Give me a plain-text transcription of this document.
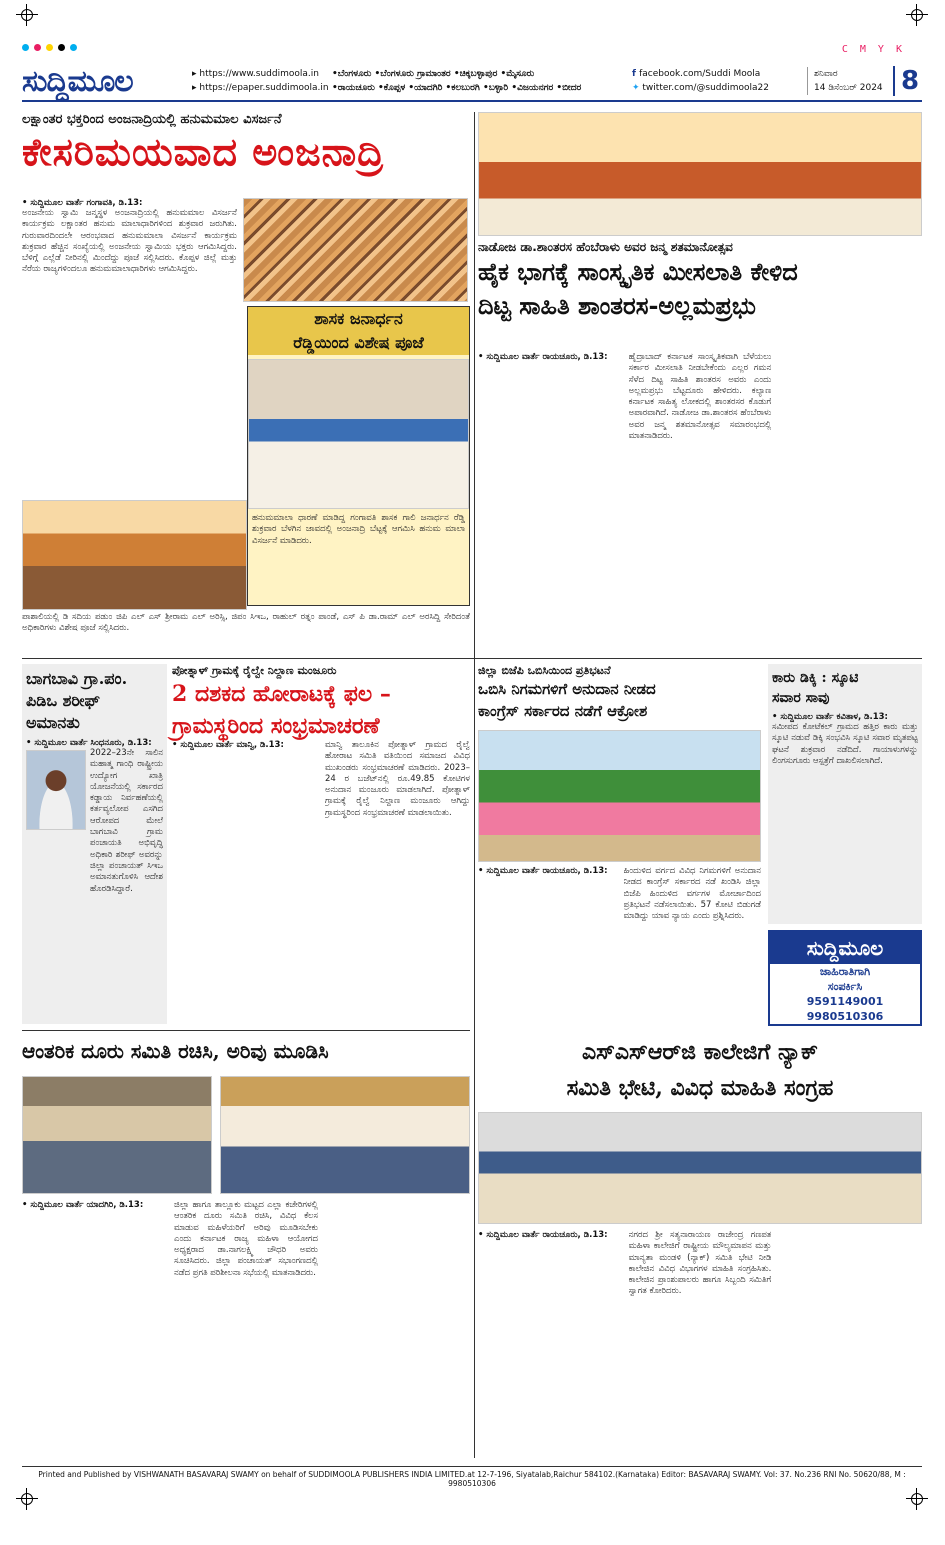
C M Y K
ಸುದ್ದಿಮೂಲ	▸ https://www.suddimoola.in
▸ https://epaper.suddimoola.in
•ಬೆಂಗಳೂರು •ಬೆಂಗಳೂರು ಗ್ರಾಮಾಂತರ •ಚಿಕ್ಕಬಳ್ಳಾಪುರ •ಮೈಸೂರು
•ರಾಯಚೂರು •ಕೊಪ್ಪಳ •ಯಾದಗಿರಿ •ಕಲಬುರಗಿ •ಬಳ್ಳಾರಿ •ವಿಜಯನಗರ •ಬೀದರ
f facebook.com/Suddi Moola
✦ twitter.com/@suddimoola22
ಶನಿವಾರ
14 ಡಿಸೆಂಬರ್ 2024 8
ಲಕ್ಷಾಂತರ ಭಕ್ತರಿಂದ ಅಂಜನಾದ್ರಿಯಲ್ಲಿ ಹನುಮಮಾಲ ವಿಸರ್ಜನೆ
ಕೇಸರಿಮಯವಾದ ಅಂಜನಾದ್ರಿ
• ಸುದ್ದಿಮೂಲ ವಾರ್ತೆ ಗಂಗಾವತಿ, ಡಿ.13:
ಅಂಜನೇಯ ಸ್ವಾಮಿ ಜನ್ಮಸ್ಥಳ ಅಂಜನಾದ್ರಿಯಲ್ಲಿ ಹನುಮಮಾಲ ವಿಸರ್ಜನೆ ಕಾರ್ಯಕ್ರಮ ಲಕ್ಷಾಂತರ ಹನುಮ ಮಾಲಾಧಾರಿಗಳಿಂದ ಶುಕ್ರವಾರ ಜರುಗಿತು. ಗುರುವಾರದಿಂದಲೇ ಆರಂಭವಾದ ಹನುಮಮಾಲಾ ವಿಸರ್ಜನೆ ಕಾರ್ಯಕ್ರಮ ಶುಕ್ರವಾರ ಹೆಚ್ಚಿನ ಸಂಖ್ಯೆಯಲ್ಲಿ ಅಂಜನೇಯ ಸ್ವಾಮಿಯ ಭಕ್ತರು ಆಗಮಿಸಿದ್ದರು. ಬೆಳಿಗ್ಗೆ ಎಲ್ಲೆಡೆ ನೀರಿನಲ್ಲಿ ಮಿಂದೆದ್ದು ಪೂಜೆ ಸಲ್ಲಿಸಿದರು. ಕೊಪ್ಪಳ ಜಿಲ್ಲೆ ಮತ್ತು ನೆರೆಯ ರಾಜ್ಯಗಳಿಂದಲೂ ಹನುಮಮಾಲಾಧಾರಿಗಳು ಆಗಮಿಸಿದ್ದರು.
ಶಾಸಕ ಜನಾರ್ಧನ
ರೆಡ್ಡಿಯಿಂದ ವಿಶೇಷ ಪೂಜೆ
ಹನುಮಮಾಲಾ ಧಾರಣೆ ಮಾಡಿದ್ದ ಗಂಗಾವತಿ ಶಾಸಕ ಗಾಲಿ ಜನಾರ್ಧನ ರೆಡ್ಡಿ ಶುಕ್ರವಾರ ಬೆಳಗಿನ ಜಾವದಲ್ಲಿ ಅಂಜನಾದ್ರಿ ಬೆಟ್ಟಕ್ಕೆ ಆಗಮಿಸಿ ಹನುಮ ಮಾಲಾ ವಿಸರ್ಜನೆ ಮಾಡಿದರು.
ಪಾಶಾಲಿಯಲ್ಲಿ ಡಿ ಸದಿಯ ಪಡುಂ ಜಿಪಿ ಎಲ್ ಎಸ್ ಶ್ರೀರಾಮ ಎಲ್ ಅರಿಸ್ಸಿ, ಜಿಪಂ ಸಿಇಒ, ರಾಹುಲ್ ರತ್ನಂ ಪಾಂಡೆ, ಎಸ್ ಪಿ ಡಾ.ರಾಮ್ ಎಲ್ ಅರಸಿದ್ದಿ ಸೇರಿದಂತೆ ಅಧಿಕಾರಿಗಳು ವಿಶೇಷ ಪೂಜೆ ಸಲ್ಲಿಸಿದರು.
ನಾಡೋಜ ಡಾ.ಶಾಂತರಸ ಹೆಂಬೆರಾಳು ಅವರ ಜನ್ಮ ಶತಮಾನೋತ್ಸವ
ಹೈಕ ಭಾಗಕ್ಕೆ ಸಾಂಸ್ಕೃತಿಕ ಮೀಸಲಾತಿ ಕೇಳಿದ
ದಿಟ್ಟ ಸಾಹಿತಿ ಶಾಂತರಸ-ಅಲ್ಲಮಪ್ರಭು
• ಸುದ್ದಿಮೂಲ ವಾರ್ತೆ ರಾಯಚೂರು, ಡಿ.13:	ಹೈದ್ರಾಬಾದ್ ಕರ್ನಾಟಕ ಸಾಂಸ್ಕೃತಿಕವಾಗಿ ಬೆಳೆಯಲು ಸರ್ಕಾರ ಮೀಸಲಾತಿ ನೀಡಬೇಕೆಂದು ಎಲ್ಲರ ಗಮನ ಸೆಳೆದ ದಿಟ್ಟ ಸಾಹಿತಿ ಶಾಂತರಸ ಅವರು ಎಂದು ಅಲ್ಲಮಪ್ರಭು ಬೆಟ್ಟದೂರು ಹೇಳಿದರು. ಕಲ್ಯಾಣ ಕರ್ನಾಟಕ ಸಾಹಿತ್ಯ ಲೋಕದಲ್ಲಿ ಶಾಂತರಸರ ಕೊಡುಗೆ ಅಪಾರವಾಗಿದೆ. ನಾಡೋಜ ಡಾ.ಶಾಂತರಸ ಹೆಂಬೆರಾಳು ಅವರ ಜನ್ಮ ಶತಮಾನೋತ್ಸವ ಸಮಾರಂಭದಲ್ಲಿ ಮಾತನಾಡಿದರು.
ಬಾಗಬಾವಿ ಗ್ರಾ.ಪಂ.
ಪಿಡಿಒ ಶರೀಫ್
ಅಮಾನತು
• ಸುದ್ದಿಮೂಲ ವಾರ್ತೆ ಸಿಂಧನೂರು, ಡಿ.13:
2022–23ನೇ ಸಾಲಿನ ಮಹಾತ್ಮ ಗಾಂಧಿ ರಾಷ್ಟ್ರೀಯ ಉದ್ಯೋಗ ಖಾತ್ರಿ ಯೋಜನೆಯಲ್ಲಿ ಸರ್ಕಾರದ ಕಡ್ಡಾಯ ನಿರ್ವಹಣೆಯಲ್ಲಿ ಕರ್ತವ್ಯಲೋಪ ಎಸಗಿದ ಆರೋಪದ ಮೇಲೆ ಬಾಗಬಾವಿ ಗ್ರಾಮ ಪಂಚಾಯತಿ ಅಭಿವೃದ್ಧಿ ಅಧಿಕಾರಿ ಶರೀಫ್ ಅವರನ್ನು ಜಿಲ್ಲಾ ಪಂಚಾಯತ್ ಸಿಇಒ ಅಮಾನತುಗೊಳಿಸಿ ಆದೇಶ ಹೊರಡಿಸಿದ್ದಾರೆ.
ಪೋತ್ನಾಳ್ ಗ್ರಾಮಕ್ಕೆ ರೈಲ್ವೇ ನಿಲ್ದಾಣ ಮಂಜೂರು
2 ದಶಕದ ಹೋರಾಟಕ್ಕೆ ಫಲ –
ಗ್ರಾಮಸ್ಥರಿಂದ ಸಂಭ್ರಮಾಚರಣೆ
• ಸುದ್ದಿಮೂಲ ವಾರ್ತೆ ಮಾನ್ವಿ, ಡಿ.13:	ಮಾನ್ವಿ ತಾಲೂಕಿನ ಪೋತ್ನಾಳ್ ಗ್ರಾಮದ ರೈಲ್ವೆ ಹೋರಾಟ ಸಮಿತಿ ವತಿಯಿಂದ ಸಮಾಜದ ವಿವಿಧ ಮುಖಂಡರು ಸಂಭ್ರಮಾಚರಣೆ ಮಾಡಿದರು. 2023–24 ರ ಬಜೆಟ್‌ನಲ್ಲಿ ರೂ.49.85 ಕೋಟಿಗಳ ಅನುದಾನ ಮಂಜೂರು ಮಾಡಲಾಗಿದೆ. ಪೋತ್ನಾಳ್ ಗ್ರಾಮಕ್ಕೆ ರೈಲ್ವೆ ನಿಲ್ದಾಣ ಮಂಜೂರು ಆಗಿದ್ದು ಗ್ರಾಮಸ್ಥರಿಂದ ಸಂಭ್ರಮಾಚರಣೆ ಮಾಡಲಾಯಿತು.
ಜಿಲ್ಲಾ ಬಿಜೆಪಿ ಒಬಿಸಿಯಿಂದ ಪ್ರತಿಭಟನೆ
ಒಬಿಸಿ ನಿಗಮಗಳಿಗೆ ಅನುದಾನ ನೀಡದ
ಕಾಂಗ್ರೆಸ್ ಸರ್ಕಾರದ ನಡೆಗೆ ಆಕ್ರೋಶ
• ಸುದ್ದಿಮೂಲ ವಾರ್ತೆ ರಾಯಚೂರು, ಡಿ.13:	ಹಿಂದುಳಿದ ವರ್ಗದ ವಿವಿಧ ನಿಗಮಗಳಿಗೆ ಅನುದಾನ ನೀಡದ ಕಾಂಗ್ರೆಸ್ ಸರ್ಕಾರದ ನಡೆ ಖಂಡಿಸಿ ಜಿಲ್ಲಾ ಬಿಜೆಪಿ ಹಿಂದುಳಿದ ವರ್ಗಗಳ ಮೋರ್ಚಾದಿಂದ ಪ್ರತಿಭಟನೆ ನಡೆಸಲಾಯಿತು. 57 ಕೋಟಿ ಬಿಡುಗಡೆ ಮಾಡಿದ್ದು ಯಾವ ನ್ಯಾಯ ಎಂದು ಪ್ರಶ್ನಿಸಿದರು.
ಕಾರು ಡಿಕ್ಕಿ : ಸ್ಕೂಟಿ
ಸವಾರ ಸಾವು
• ಸುದ್ದಿಮೂಲ ವಾರ್ತೆ ಕವಿತಾಳ, ಡಿ.13:
ಸಮೀಪದ ಕೋಟೆಕಲ್ ಗ್ರಾಮದ ಹತ್ತಿರ ಕಾರು ಮತ್ತು ಸ್ಕೂಟಿ ನಡುವೆ ಡಿಕ್ಕಿ ಸಂಭವಿಸಿ ಸ್ಕೂಟಿ ಸವಾರ ಮೃತಪಟ್ಟ ಘಟನೆ ಶುಕ್ರವಾರ ನಡೆದಿದೆ. ಗಾಯಾಳುಗಳನ್ನು ಲಿಂಗಸುಗೂರು ಆಸ್ಪತ್ರೆಗೆ ದಾಖಲಿಸಲಾಗಿದೆ.
ಸುದ್ದಿಮೂಲ
ಜಾಹಿರಾತಿಗಾಗಿ
ಸಂಪರ್ಕಿಸಿ
9591149001
9980510306
ಆಂತರಿಕ ದೂರು ಸಮಿತಿ ರಚಿಸಿ, ಅರಿವು ಮೂಡಿಸಿ
• ಸುದ್ದಿಮೂಲ ವಾರ್ತೆ ಯಾದಗಿರಿ, ಡಿ.13:	ಜಿಲ್ಲಾ ಹಾಗೂ ತಾಲ್ಲೂಕು ಮಟ್ಟದ ಎಲ್ಲಾ ಕಚೇರಿಗಳಲ್ಲಿ ಆಂತರಿಕ ದೂರು ಸಮಿತಿ ರಚಿಸಿ, ವಿವಿಧ ಕೆಲಸ ಮಾಡುವ ಮಹಿಳೆಯರಿಗೆ ಅರಿವು ಮೂಡಿಸಬೇಕು ಎಂದು ಕರ್ನಾಟಕ ರಾಜ್ಯ ಮಹಿಳಾ ಆಯೋಗದ ಅಧ್ಯಕ್ಷರಾದ ಡಾ.ನಾಗಲಕ್ಷ್ಮಿ ಚೌಧರಿ ಅವರು ಸೂಚಿಸಿದರು. ಜಿಲ್ಲಾ ಪಂಚಾಯತ್ ಸಭಾಂಗಣದಲ್ಲಿ ನಡೆದ ಪ್ರಗತಿ ಪರಿಶೀಲನಾ ಸಭೆಯಲ್ಲಿ ಮಾತನಾಡಿದರು.
ಎಸ್‌ಎಸ್‌ಆರ್‌ಜಿ ಕಾಲೇಜಿಗೆ ನ್ಯಾಕ್
ಸಮಿತಿ ಭೇಟಿ, ವಿವಿಧ ಮಾಹಿತಿ ಸಂಗ್ರಹ
• ಸುದ್ದಿಮೂಲ ವಾರ್ತೆ ರಾಯಚೂರು, ಡಿ.13:	ನಗರದ ಶ್ರೀ ಸತ್ಯನಾರಾಯಣ ರಾಜೇಂದ್ರ ಗಣಪತ ಮಹಿಳಾ ಕಾಲೇಜಿಗೆ ರಾಷ್ಟ್ರೀಯ ಮೌಲ್ಯಮಾಪನ ಮತ್ತು ಮಾನ್ಯತಾ ಮಂಡಳಿ (ನ್ಯಾಕ್) ಸಮಿತಿ ಭೇಟಿ ನೀಡಿ ಕಾಲೇಜಿನ ವಿವಿಧ ವಿಭಾಗಗಳ ಮಾಹಿತಿ ಸಂಗ್ರಹಿಸಿತು. ಕಾಲೇಜಿನ ಪ್ರಾಂಶುಪಾಲರು ಹಾಗೂ ಸಿಬ್ಬಂದಿ ಸಮಿತಿಗೆ ಸ್ವಾಗತ ಕೋರಿದರು.
Printed and Published by VISHWANATH BASAVARAJ SWAMY on behalf of SUDDIMOOLA PUBLISHERS INDIA LIMITED.at 12-7-196, Siyatalab,Raichur 584102.(Karnataka) Editor: BASAVARAJ SWAMY. Vol: 37. No.236 RNI No. 50620/88, M : 9980510306
